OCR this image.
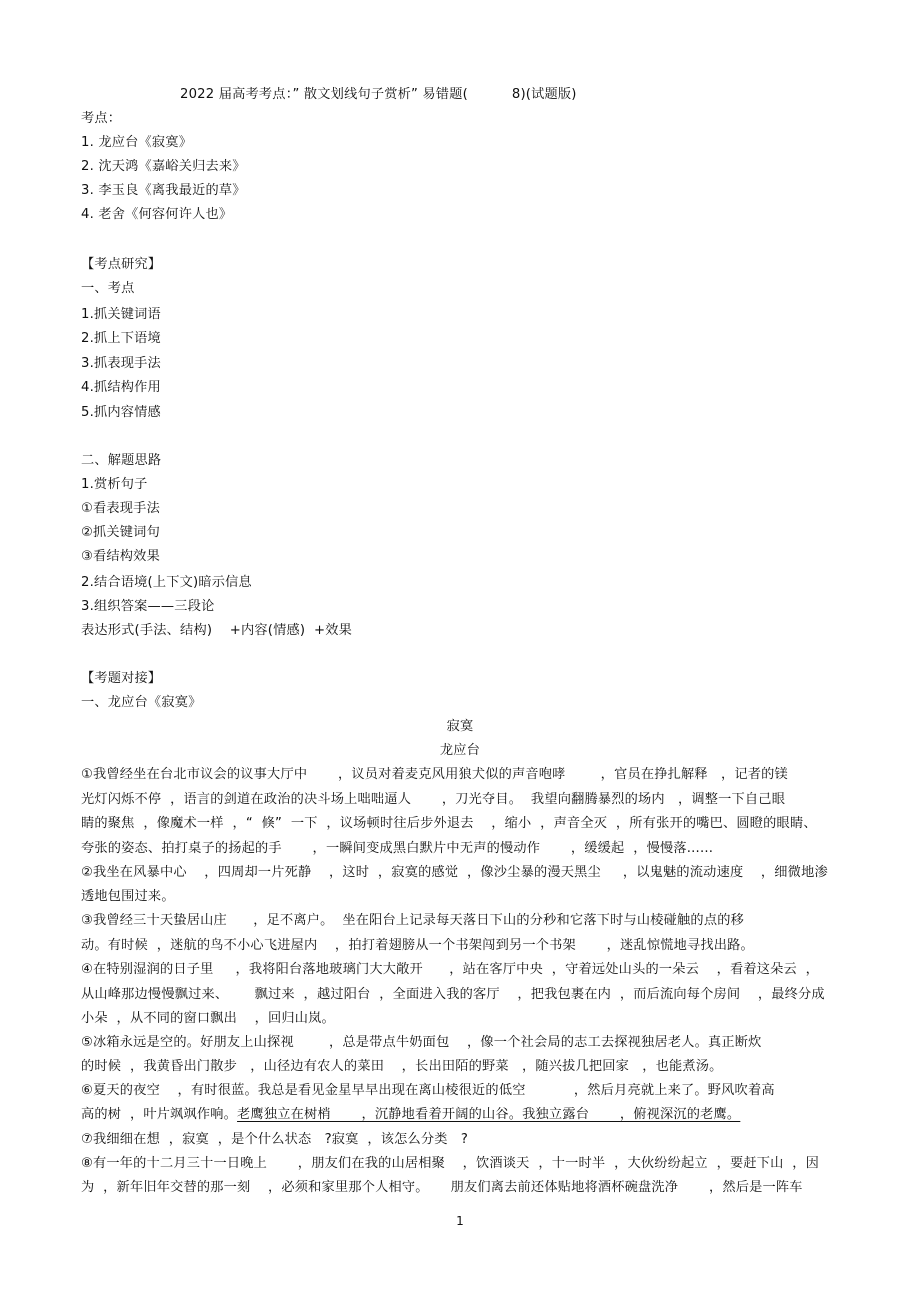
2022 届高考考点：” 散文划线句子赏析” 易错题(          8)(试题版)
考点：
1. 龙应台《寂寞》
2. 沈天鸿《嘉峪关归去来》
3. 李玉良《离我最近的草》
4. 老舍《何容何许人也》
【考点研究】
一、考点
1.抓关键词语
2.抓上下语境
3.抓表现手法
4.抓结构作用
5.抓内容情感
二、解题思路
1.赏析句子
①看表现手法
②抓关键词句
③看结构效果
2.结合语境(上下文)暗示信息
3.组织答案——三段论
表达形式(手法、结构)    +内容(情感)  +效果
【考题对接】
一、龙应台《寂寞》
寂寞
龙应台
①我曾经坐在台北市议会的议事大厅中       ，议员对着麦克风用狼犬似的声音咆哮        ，官员在挣扎解释   ，记者的镁
光灯闪烁不停  ，语言的剑道在政治的决斗场上咄咄逼人       ，刀光夺目。  我望向翻腾暴烈的场内   ，调整一下自己眼
睛的聚焦  ，像魔术一样  ，“  倏”  一下  ，议场顿时往后步外退去    ，缩小  ，声音全灭  ，所有张开的嘴巴、圆瞪的眼睛、
夸张的姿态、拍打桌子的扬起的手       ，一瞬间变成黑白默片中无声的慢动作       ，缓缓起  ，慢慢落......
②我坐在风暴中心    ，四周却一片死静    ，这时  ，寂寞的感觉  ，像沙尘暴的漫天黑尘     ，以鬼魅的流动速度    ，细微地渗
透地包围过来。
③我曾经三十天蛰居山庄      ，足不离户。  坐在阳台上记录每天落日下山的分秒和它落下时与山棱碰触的点的移
动。有时候  ，迷航的鸟不小心飞进屋内    ，拍打着翅膀从一个书架闯到另一个书架       ，迷乱惊慌地寻找出路。
④在特别湿润的日子里     ，我将阳台落地玻璃门大大敞开      ，站在客厅中央  ，守着远处山头的一朵云    ，看着这朵云  ，
从山峰那边慢慢飘过来、      飘过来  ，越过阳台  ，全面进入我的客厅    ，把我包裹在内  ，而后流向每个房间    ，最终分成
小朵  ，从不同的窗口飘出    ，回归山岚。
⑤冰箱永远是空的。好朋友上山探视        ，总是带点牛奶面包    ，像一个社会局的志工去探视独居老人。真正断炊
的时候  ，我黄昏出门散步   ，山径边有农人的菜田    ，长出田陌的野菜   ，随兴拔几把回家   ，也能煮汤。
⑥夏天的夜空    ，有时很蓝。我总是看见金星早早出现在离山棱很近的低空           ，然后月亮就上来了。野风吹着高
高的树  ，叶片飒飒作响。老鹰独立在树梢       ，沉静地看着开阔的山谷。我独立露台       ，俯视深沉的老鹰。
⑦我细细在想  ，寂寞  ，是个什么状态   ?寂寞  ，该怎么分类   ?
⑧有一年的十二月三十一日晚上       ，朋友们在我的山居相聚    ，饮酒谈天  ，十一时半  ，大伙纷纷起立  ，要赶下山  ，因
为  ，新年旧年交替的那一刻    ，必须和家里那个人相守。     朋友们离去前还体贴地将酒杯碗盘洗净       ，然后是一阵车
1
